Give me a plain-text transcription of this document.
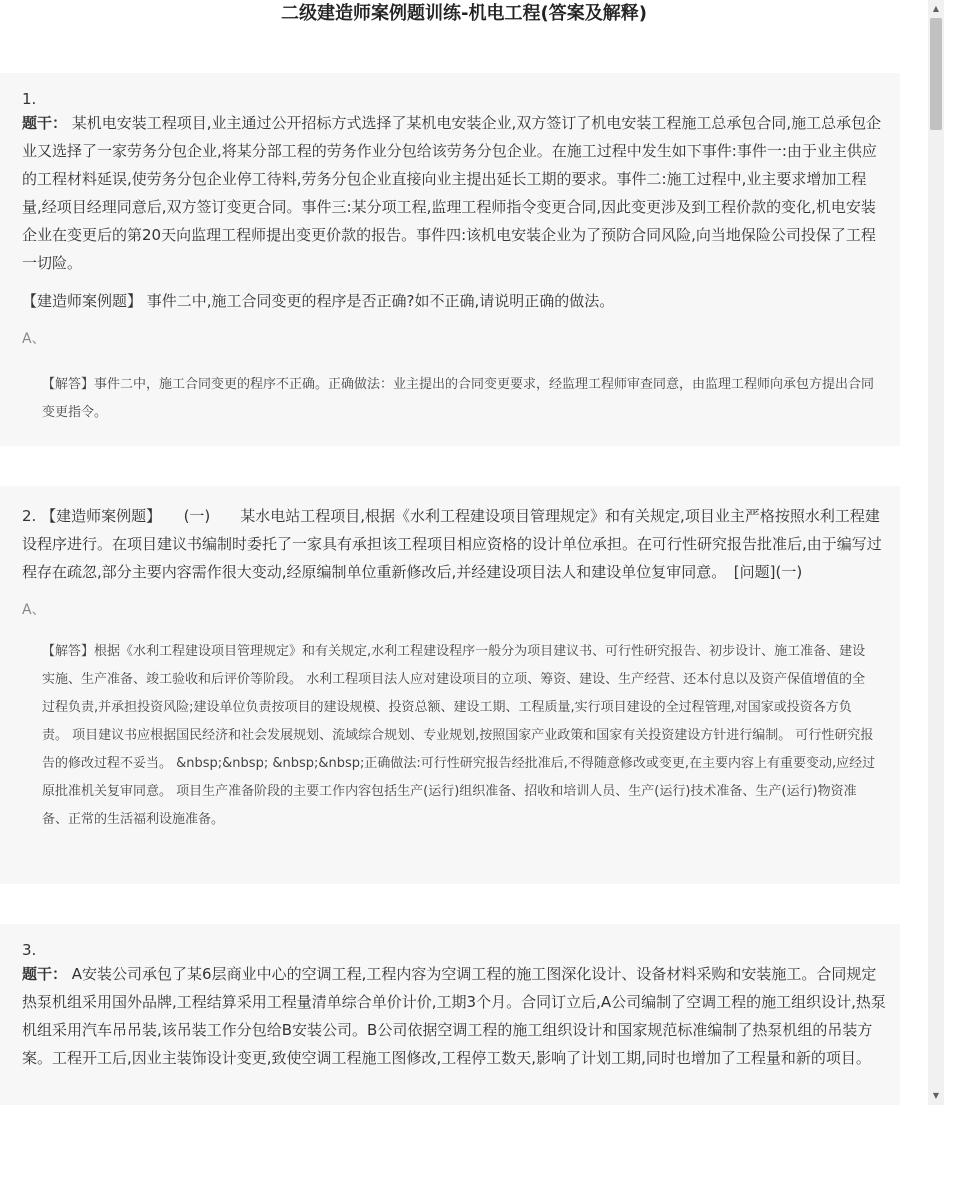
二级建造师案例题训练-机电工程(答案及解释)
1.
题干： 某机电安装工程项目,业主通过公开招标方式选择了某机电安装企业,双方签订了机电安装工程施工总承包合同,施工总承包企业又选择了一家劳务分包企业,将某分部工程的劳务作业分包给该劳务分包企业。在施工过程中发生如下事件:事件一:由于业主供应的工程材料延误,使劳务分包企业停工待料,劳务分包企业直接向业主提出延长工期的要求。事件二:施工过程中,业主要求增加工程量,经项目经理同意后,双方签订变更合同。事件三:某分项工程,监理工程师指令变更合同,因此变更涉及到工程价款的变化,机电安装企业在变更后的第20天向监理工程师提出变更价款的报告。事件四:该机电安装企业为了预防合同风险,向当地保险公司投保了工程一切险。
【建造师案例题】 事件二中,施工合同变更的程序是否正确?如不正确,请说明正确的做法。
A、
【解答】事件二中，施工合同变更的程序不正确。正确做法：业主提出的合同变更要求，经监理工程师审查同意，由监理工程师向承包方提出合同变更指令。
2. 【建造师案例题】　　(一)　　某水电站工程项目,根据《水利工程建设项目管理规定》和有关规定,项目业主严格按照水利工程建设程序进行。在项目建议书编制时委托了一家具有承担该工程项目相应资格的设计单位承担。在可行性研究报告批准后,由于编写过程存在疏忽,部分主要内容需作很大变动,经原编制单位重新修改后,并经建设项目法人和建设单位复审同意。　[问题](一)
A、
【解答】根据《水利工程建设项目管理规定》和有关规定,水利工程建设程序一般分为项目建议书、可行性研究报告、初步设计、施工准备、建设实施、生产准备、竣工验收和后评价等阶段。 水利工程项目法人应对建设项目的立项、筹资、建设、生产经营、还本付息以及资产保值增值的全过程负责,并承担投资风险;建设单位负责按项目的建设规模、投资总额、建设工期、工程质量,实行项目建设的全过程管理,对国家或投资各方负责。 项目建议书应根据国民经济和社会发展规划、流域综合规划、专业规划,按照国家产业政策和国家有关投资建设方针进行编制。 可行性研究报告的修改过程不妥当。 &nbsp;&nbsp; &nbsp;&nbsp;正确做法:可行性研究报告经批准后,不得随意修改或变更,在主要内容上有重要变动,应经过原批准机关复审同意。 项目生产准备阶段的主要工作内容包括生产(运行)组织准备、招收和培训人员、生产(运行)技术准备、生产(运行)物资准备、正常的生活福利设施准备。
3.
题干： A安装公司承包了某6层商业中心的空调工程,工程内容为空调工程的施工图深化设计、设备材料采购和安装施工。合同规定热泵机组采用国外品牌,工程结算采用工程量清单综合单价计价,工期3个月。合同订立后,A公司编制了空调工程的施工组织设计,热泵机组采用汽车吊吊装,该吊装工作分包给B安装公司。B公司依据空调工程的施工组织设计和国家规范标准编制了热泵机组的吊装方案。工程开工后,因业主装饰设计变更,致使空调工程施工图修改,工程停工数天,影响了计划工期,同时也增加了工程量和新的项目。
▲
▼
